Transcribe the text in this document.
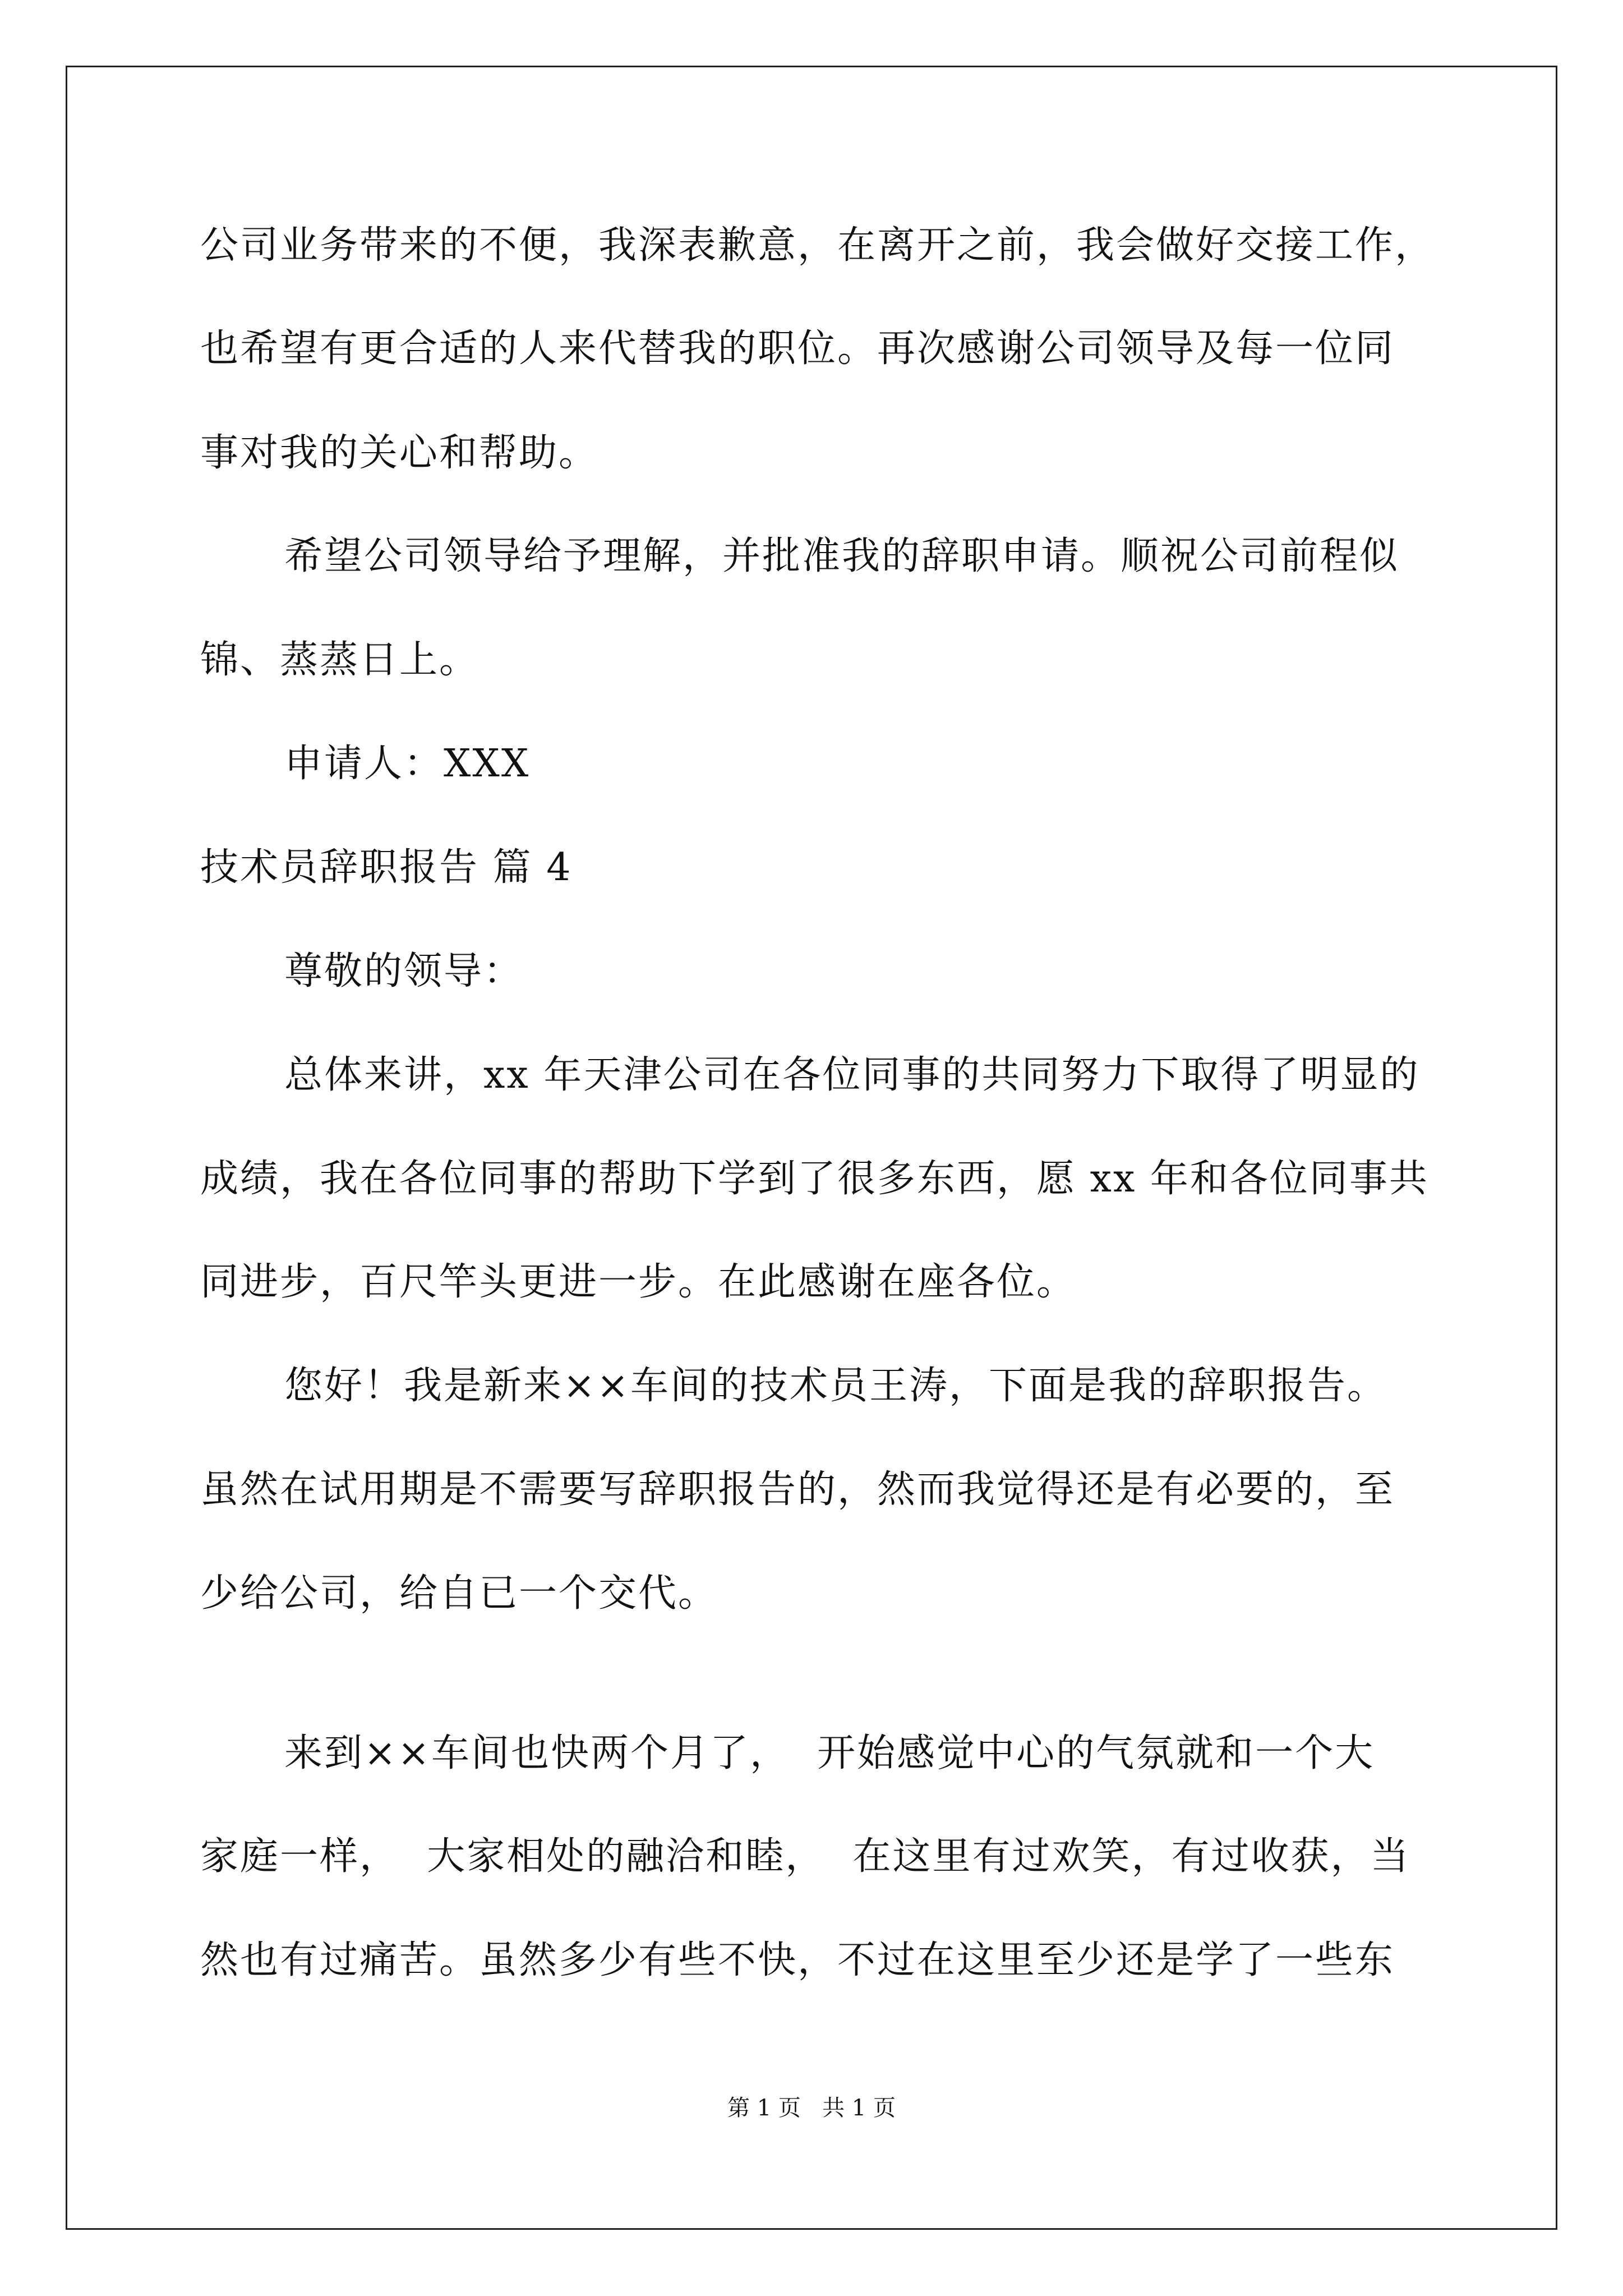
公司业务带来的不便，我深表歉意，在离开之前，我会做好交接工作，
也希望有更合适的人来代替我的职位。再次感谢公司领导及每一位同
事对我的关心和帮助。
希望公司领导给予理解，并批准我的辞职申请。顺祝公司前程似
锦、蒸蒸日上。
申请人：XXX
技术员辞职报告 篇 4
尊敬的领导：
总体来讲，xx 年天津公司在各位同事的共同努力下取得了明显的
成绩，我在各位同事的帮助下学到了很多东西，愿 xx 年和各位同事共
同进步，百尺竿头更进一步。在此感谢在座各位。
您好！我是新来××车间的技术员王涛，下面是我的辞职报告。
虽然在试用期是不需要写辞职报告的，然而我觉得还是有必要的，至
少给公司，给自已一个交代。
来到××车间也快两个月了，  开始感觉中心的气氛就和一个大
家庭一样，  大家相处的融洽和睦，  在这里有过欢笑，有过收获，当
然也有过痛苦。虽然多少有些不快，不过在这里至少还是学了一些东
第 1 页   共 1 页
